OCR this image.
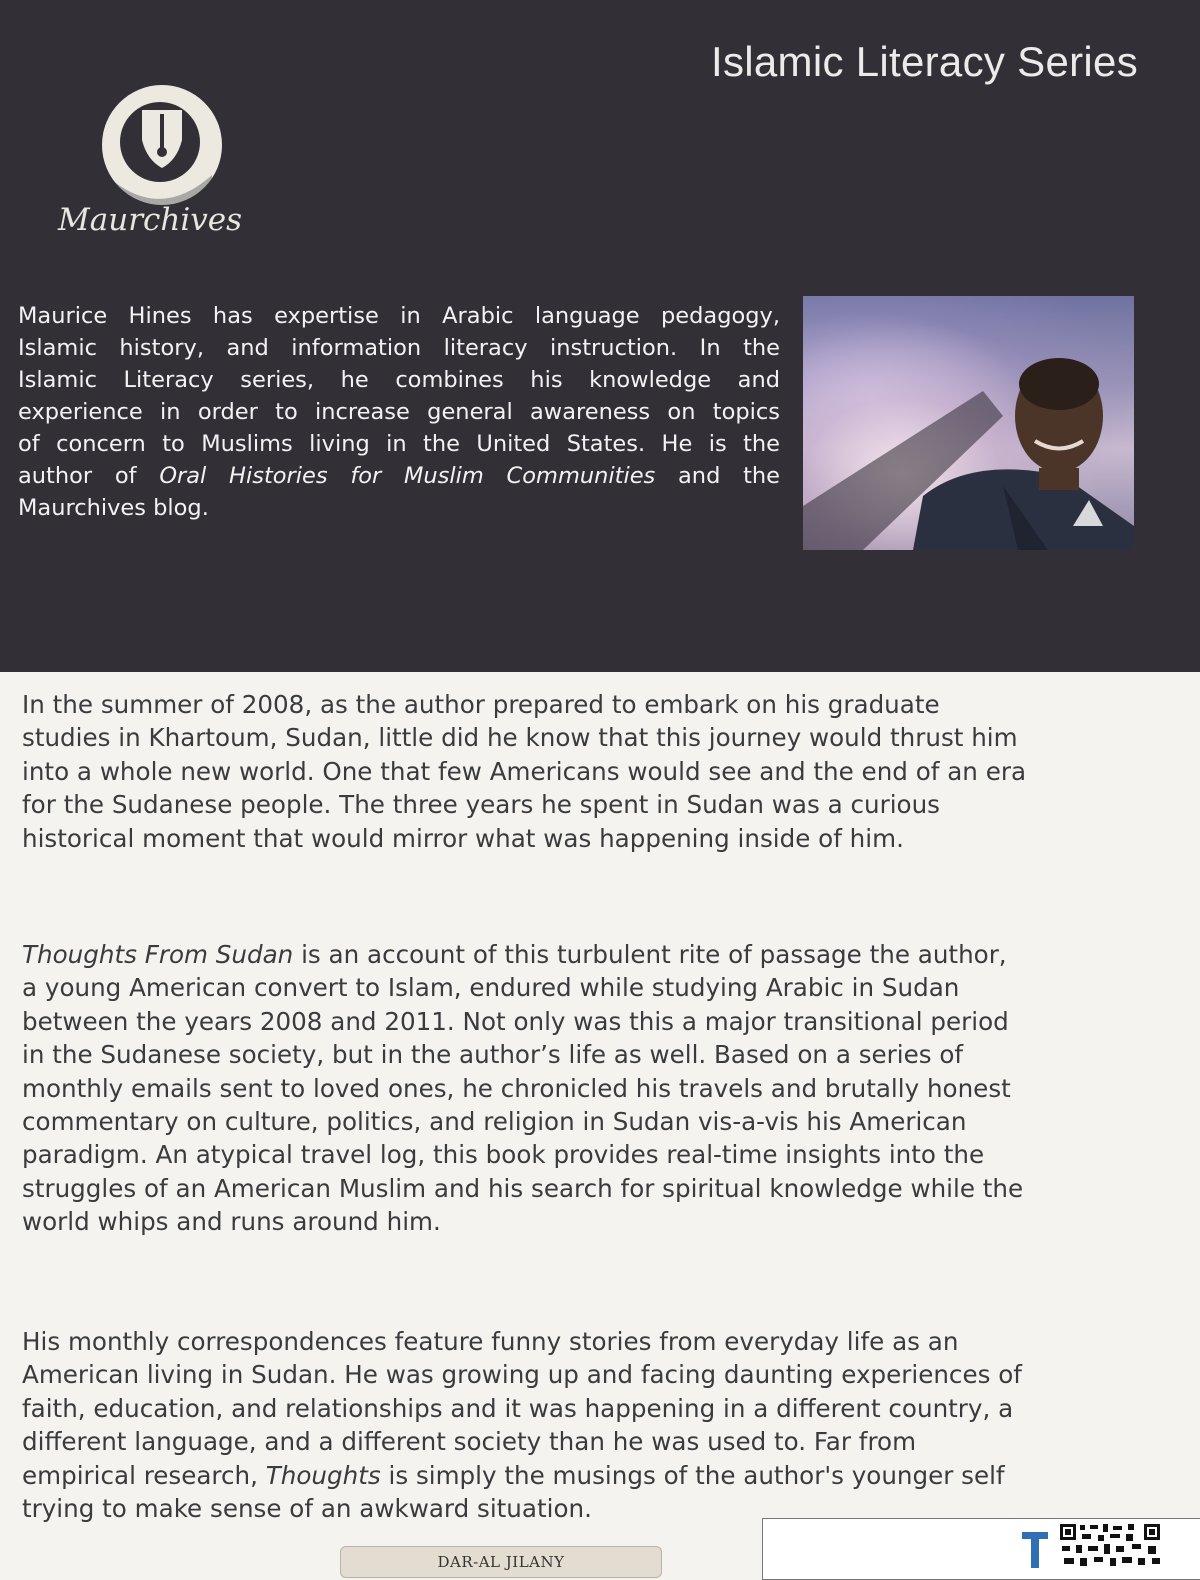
Islamic Literacy Series
Maurchives
Maurice Hines has expertise in Arabic language pedagogy,
Islamic history, and information literacy instruction. In the
Islamic Literacy series, he combines his knowledge and
experience in order to increase general awareness on topics
of concern to Muslims living in the United States. He is the
author of Oral Histories for Muslim Communities and the
Maurchives blog.
In the summer of 2008, as the author prepared to embark on his graduate
studies in Khartoum, Sudan, little did he know that this journey would thrust him
into a whole new world. One that few Americans would see and the end of an era
for the Sudanese people. The three years he spent in Sudan was a curious
historical moment that would mirror what was happening inside of him.
Thoughts From Sudan is an account of this turbulent rite of passage the author,
a young American convert to Islam, endured while studying Arabic in Sudan
between the years 2008 and 2011. Not only was this a major transitional period
in the Sudanese society, but in the author’s life as well. Based on a series of
monthly emails sent to loved ones, he chronicled his travels and brutally honest
commentary on culture, politics, and religion in Sudan vis-a-vis his American
paradigm. An atypical travel log, this book provides real-time insights into the
struggles of an American Muslim and his search for spiritual knowledge while the
world whips and runs around him.
His monthly correspondences feature funny stories from everyday life as an
American living in Sudan. He was growing up and facing daunting experiences of
faith, education, and relationships and it was happening in a different country, a
different language, and a different society than he was used to. Far from
empirical research, Thoughts is simply the musings of the author's younger self
trying to make sense of an awkward situation.
DAR-AL JILANY
